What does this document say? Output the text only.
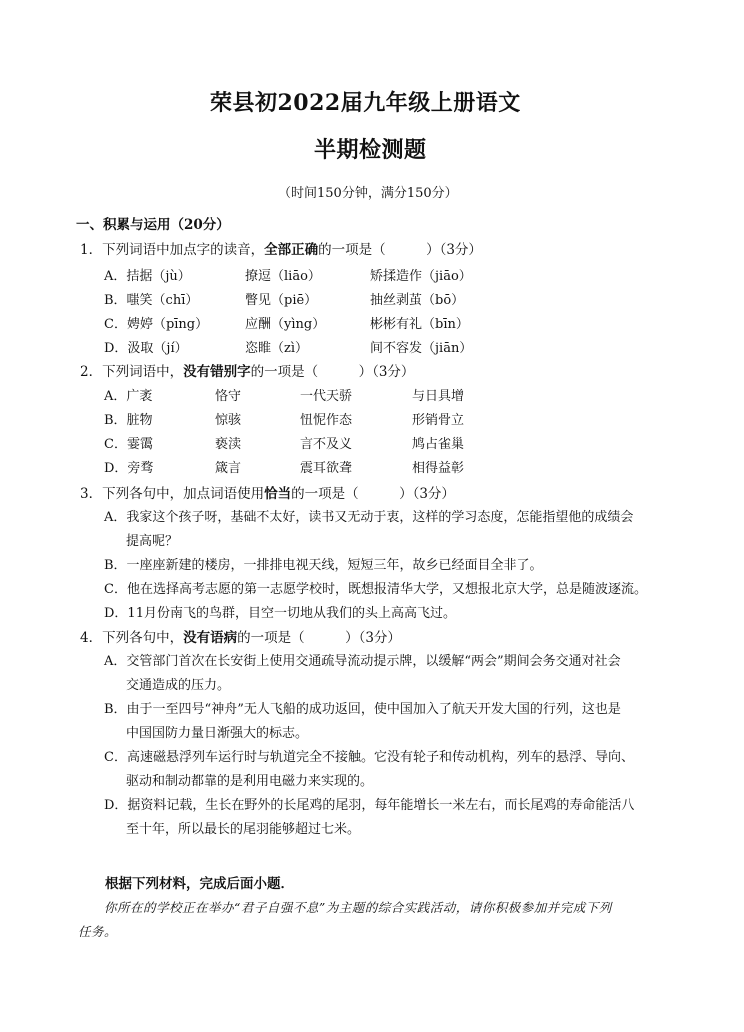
荣县初2022届九年级上册语文
半期检测题
（时间150分钟，满分150分）
一、积累与运用（20分）
1．下列词语中加点字的读音，全部正确的一项是（　　　）（3分）
A．拮据（jù）	撩逗（liāo）	矫揉造作（jiāo）
B．嗤笑（chī）	瞥见（piē）	抽丝剥茧（bō）
C．娉婷（pīng）	应酬（yìng）	彬彬有礼（bīn）
D．汲取（jí）	恣睢（zì）	间不容发（jiān）
2．下列词语中，没有错别字的一项是（　　　）（3分）
A．广袤	恪守	一代天骄	与日具增
B．脏物	惊骇	忸怩作态	形销骨立
C．霎霭	亵渎	言不及义	鸠占雀巢
D．旁骛	箴言	震耳欲聋	相得益彰
3．下列各句中，加点词语使用恰当的一项是（　　　）（3分）
A．我家这个孩子呀，基础不太好，读书又无动于衷，这样的学习态度，怎能指望他的成绩会
提高呢？
B．一座座新建的楼房，一排排电视天线，短短三年，故乡已经面目全非了。
C．他在选择高考志愿的第一志愿学校时，既想报清华大学，又想报北京大学，总是随波逐流。
D．11月份南飞的鸟群，目空一切地从我们的头上高高飞过。
4．下列各句中，没有语病的一项是（　　　）（3分）
A．交管部门首次在长安街上使用交通疏导流动提示牌，以缓解“两会”期间会务交通对社会
交通造成的压力。
B．由于一至四号“神舟”无人飞船的成功返回，使中国加入了航天开发大国的行列，这也是
中国国防力量日渐强大的标志。
C．高速磁悬浮列车运行时与轨道完全不接触。它没有轮子和传动机构，列车的悬浮、导向、
驱动和制动都靠的是利用电磁力来实现的。
D．据资料记载，生长在野外的长尾鸡的尾羽，每年能增长一米左右，而长尾鸡的寿命能活八
至十年，所以最长的尾羽能够超过七米。
根据下列材料，完成后面小题．
你所在的学校正在举办“君子自强不息”为主题的综合实践活动，请你积极参加并完成下列
任务。
